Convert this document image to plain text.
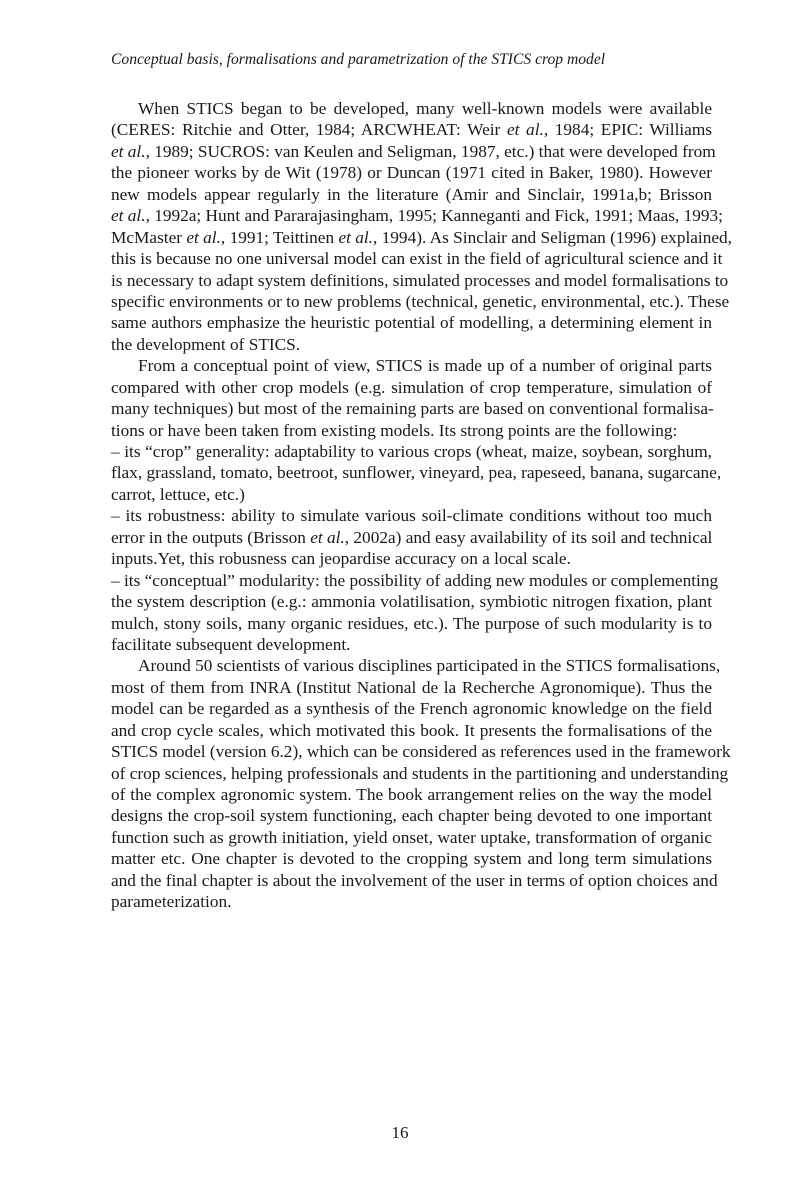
Conceptual basis, formalisations and parametrization of the STICS crop model
When STICS began to be developed, many well-known models were available
(CERES: Ritchie and Otter, 1984; ARCWHEAT: Weir et al., 1984; EPIC: Williams
et al., 1989; SUCROS: van Keulen and Seligman, 1987, etc.) that were developed from
the pioneer works by de Wit (1978) or Duncan (1971 cited in Baker, 1980). However
new models appear regularly in the literature (Amir and Sinclair, 1991a,b; Brisson
et al., 1992a; Hunt and Pararajasingham, 1995; Kanneganti and Fick, 1991; Maas, 1993;
McMaster et al., 1991; Teittinen et al., 1994). As Sinclair and Seligman (1996) explained,
this is because no one universal model can exist in the field of agricultural science and it
is necessary to adapt system definitions, simulated processes and model formalisations to
specific environments or to new problems (technical, genetic, environmental, etc.). These
same authors emphasize the heuristic potential of modelling, a determining element in
the development of STICS.
From a conceptual point of view, STICS is made up of a number of original parts
compared with other crop models (e.g. simulation of crop temperature, simulation of
many techniques) but most of the remaining parts are based on conventional formalisa-
tions or have been taken from existing models. Its strong points are the following:
– its “crop” generality: adaptability to various crops (wheat, maize, soybean, sorghum,
flax, grassland, tomato, beetroot, sunflower, vineyard, pea, rapeseed, banana, sugarcane,
carrot, lettuce, etc.)
– its robustness: ability to simulate various soil-climate conditions without too much
error in the outputs (Brisson et al., 2002a) and easy availability of its soil and technical
inputs.Yet, this robusness can jeopardise accuracy on a local scale.
– its “conceptual” modularity: the possibility of adding new modules or complementing
the system description (e.g.: ammonia volatilisation, symbiotic nitrogen fixation, plant
mulch, stony soils, many organic residues, etc.). The purpose of such modularity is to
facilitate subsequent development.
Around 50 scientists of various disciplines participated in the STICS formalisations,
most of them from INRA (Institut National de la Recherche Agronomique). Thus the
model can be regarded as a synthesis of the French agronomic knowledge on the field
and crop cycle scales, which motivated this book. It presents the formalisations of the
STICS model (version 6.2), which can be considered as references used in the framework
of crop sciences, helping professionals and students in the partitioning and understanding
of the complex agronomic system. The book arrangement relies on the way the model
designs the crop-soil system functioning, each chapter being devoted to one important
function such as growth initiation, yield onset, water uptake, transformation of organic
matter etc. One chapter is devoted to the cropping system and long term simulations
and the final chapter is about the involvement of the user in terms of option choices and
parameterization.
16
